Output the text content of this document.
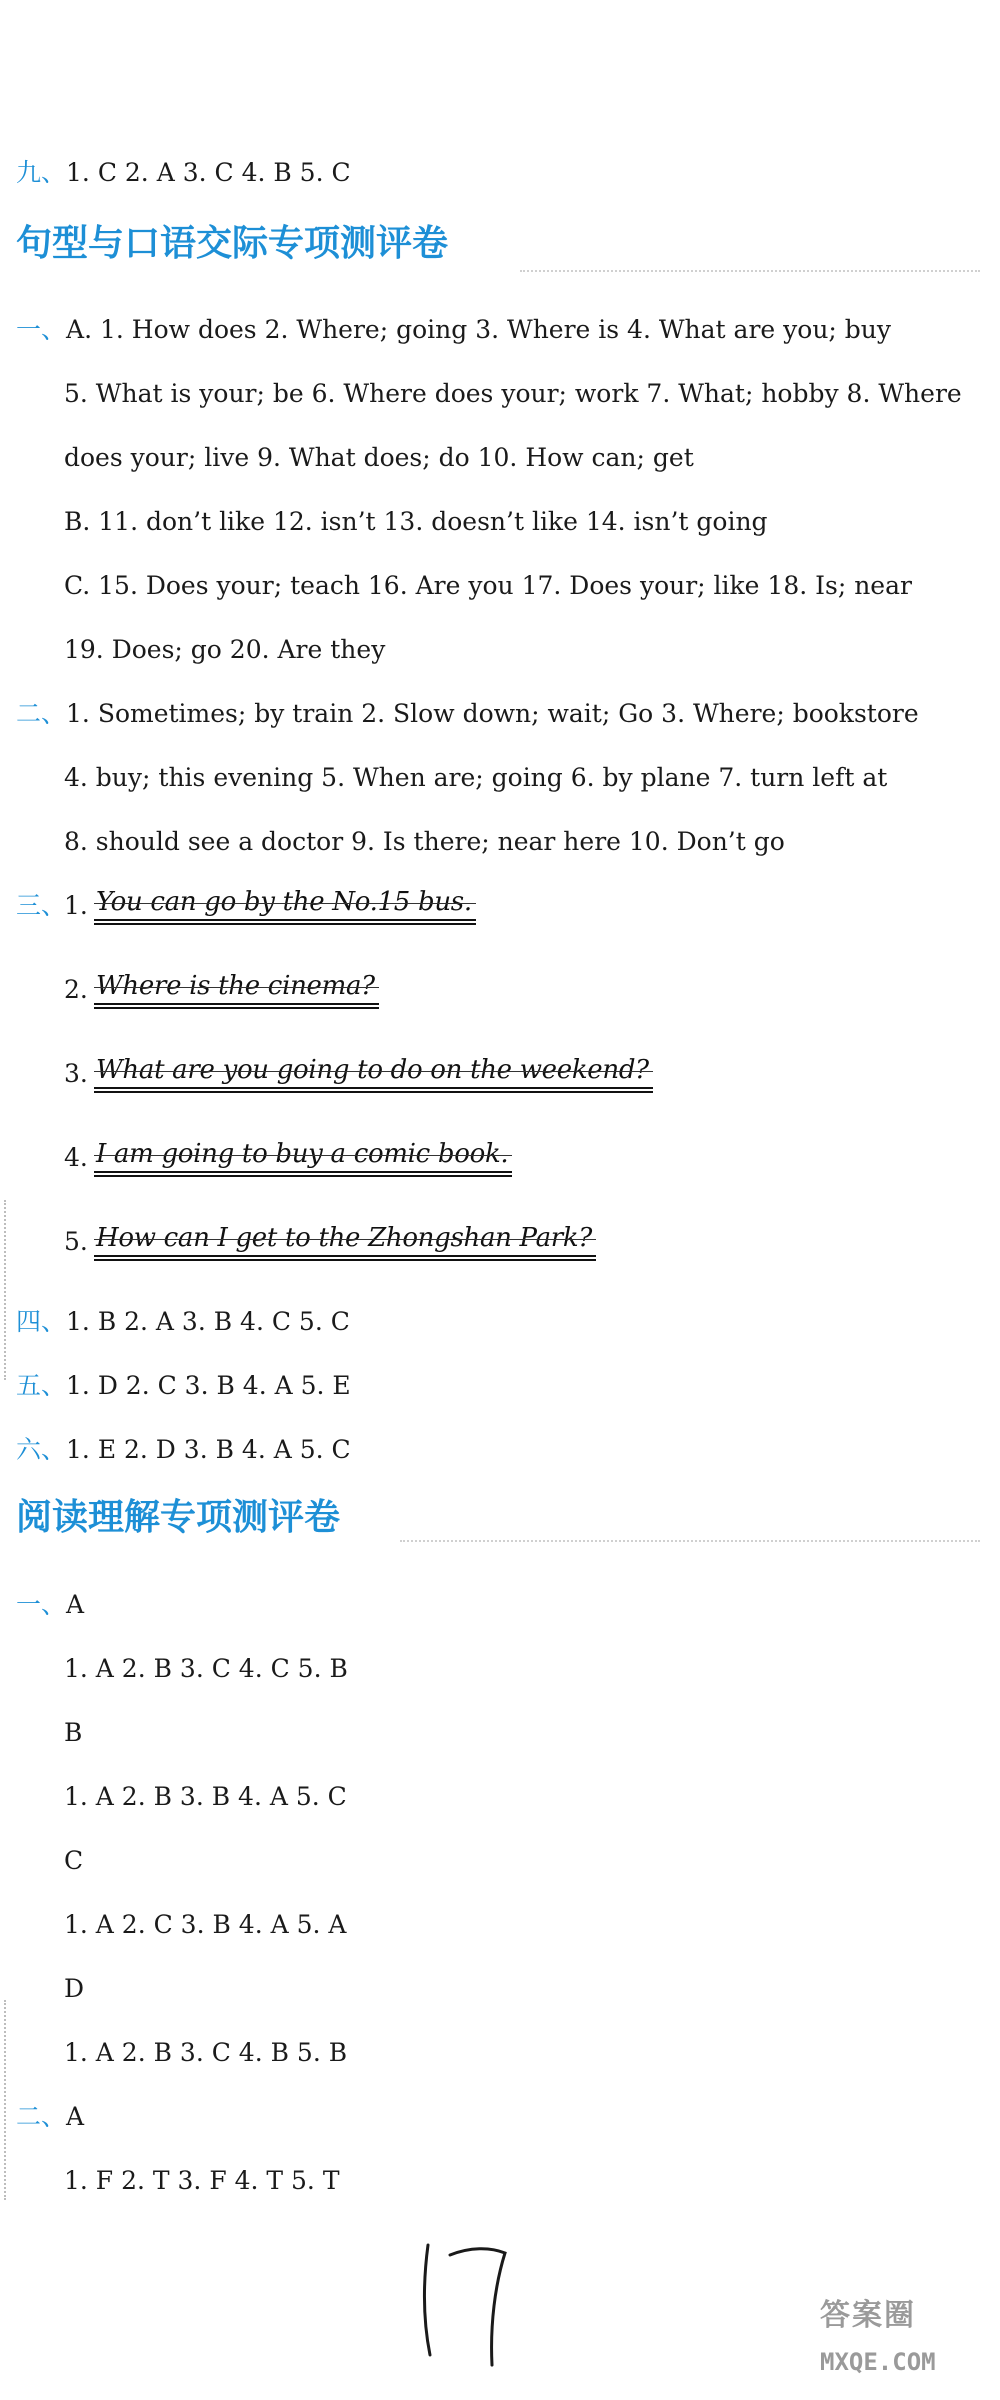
九、1. C 2. A 3. C 4. B 5. C
句型与口语交际专项测评卷
一、A. 1. How does 2. Where; going 3. Where is 4. What are you; buy
5. What is your; be 6. Where does your; work 7. What; hobby 8. Where
does your; live 9. What does; do 10. How can; get
B. 11. don’t like 12. isn’t 13. doesn’t like 14. isn’t going
C. 15. Does your; teach 16. Are you 17. Does your; like 18. Is; near
19. Does; go 20. Are they
二、1. Sometimes; by train 2. Slow down; wait; Go 3. Where; bookstore
4. buy; this evening 5. When are; going 6. by plane 7. turn left at
8. should see a doctor 9. Is there; near here 10. Don’t go
三、
1. You can go by the No.15 bus.
2. Where is the cinema?
3. What are you going to do on the weekend?
4. I am going to buy a comic book.
5. How can I get to the Zhongshan Park?
四、1. B 2. A 3. B 4. C 5. C
五、1. D 2. C 3. B 4. A 5. E
六、1. E 2. D 3. B 4. A 5. C
阅读理解专项测评卷
一、A
1. A 2. B 3. C 4. C 5. B
B
1. A 2. B 3. B 4. A 5. C
C
1. A 2. C 3. B 4. A 5. A
D
1. A 2. B 3. C 4. B 5. B
二、A
1. F 2. T 3. F 4. T 5. T
答案圈
MXQE.COM
